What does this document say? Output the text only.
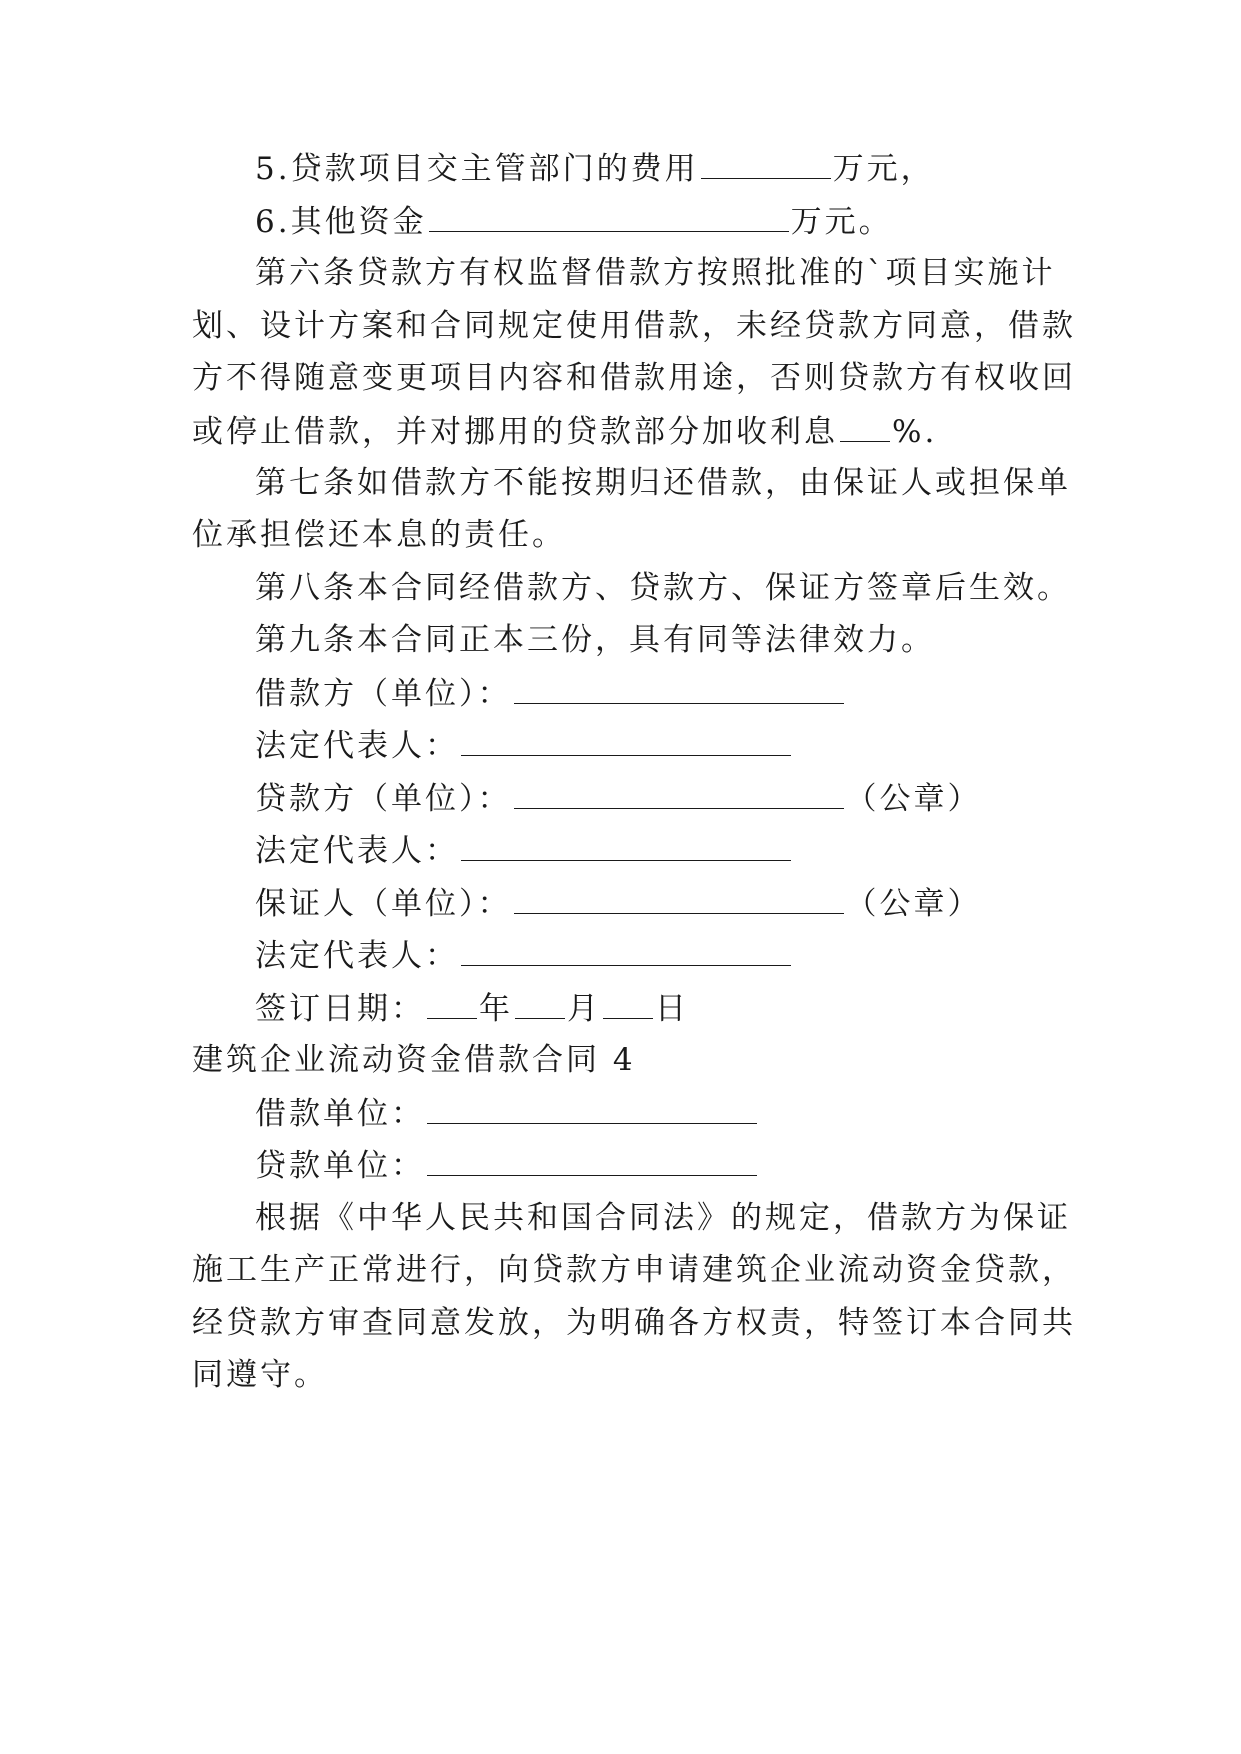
5.贷款项目交主管部门的费用	万元，

6.其他资金	万元。

第六条贷款方有权监督借款方按照批准的`项目实施计

划、设计方案和合同规定使用借款，未经贷款方同意，借款

方不得随意变更项目内容和借款用途，否则贷款方有权收回

或停止借款，并对挪用的贷款部分加收利息 %.

第七条如借款方不能按期归还借款，由保证人或担保单

位承担偿还本息的责任。

第八条本合同经借款方、贷款方、保证方签章后生效。

第九条本合同正本三份，具有同等法律效力。

借款方（单位）：

法定代表人：

贷款方（单位）：	（公章）

法定代表人：

保证人（单位）：	（公章）

法定代表人：

签订日期： 年 月 日

建筑企业流动资金借款合同 4

借款单位：

贷款单位：

根据《中华人民共和国合同法》的规定，借款方为保证

施工生产正常进行，向贷款方申请建筑企业流动资金贷款，

经贷款方审查同意发放，为明确各方权责，特签订本合同共

同遵守。
